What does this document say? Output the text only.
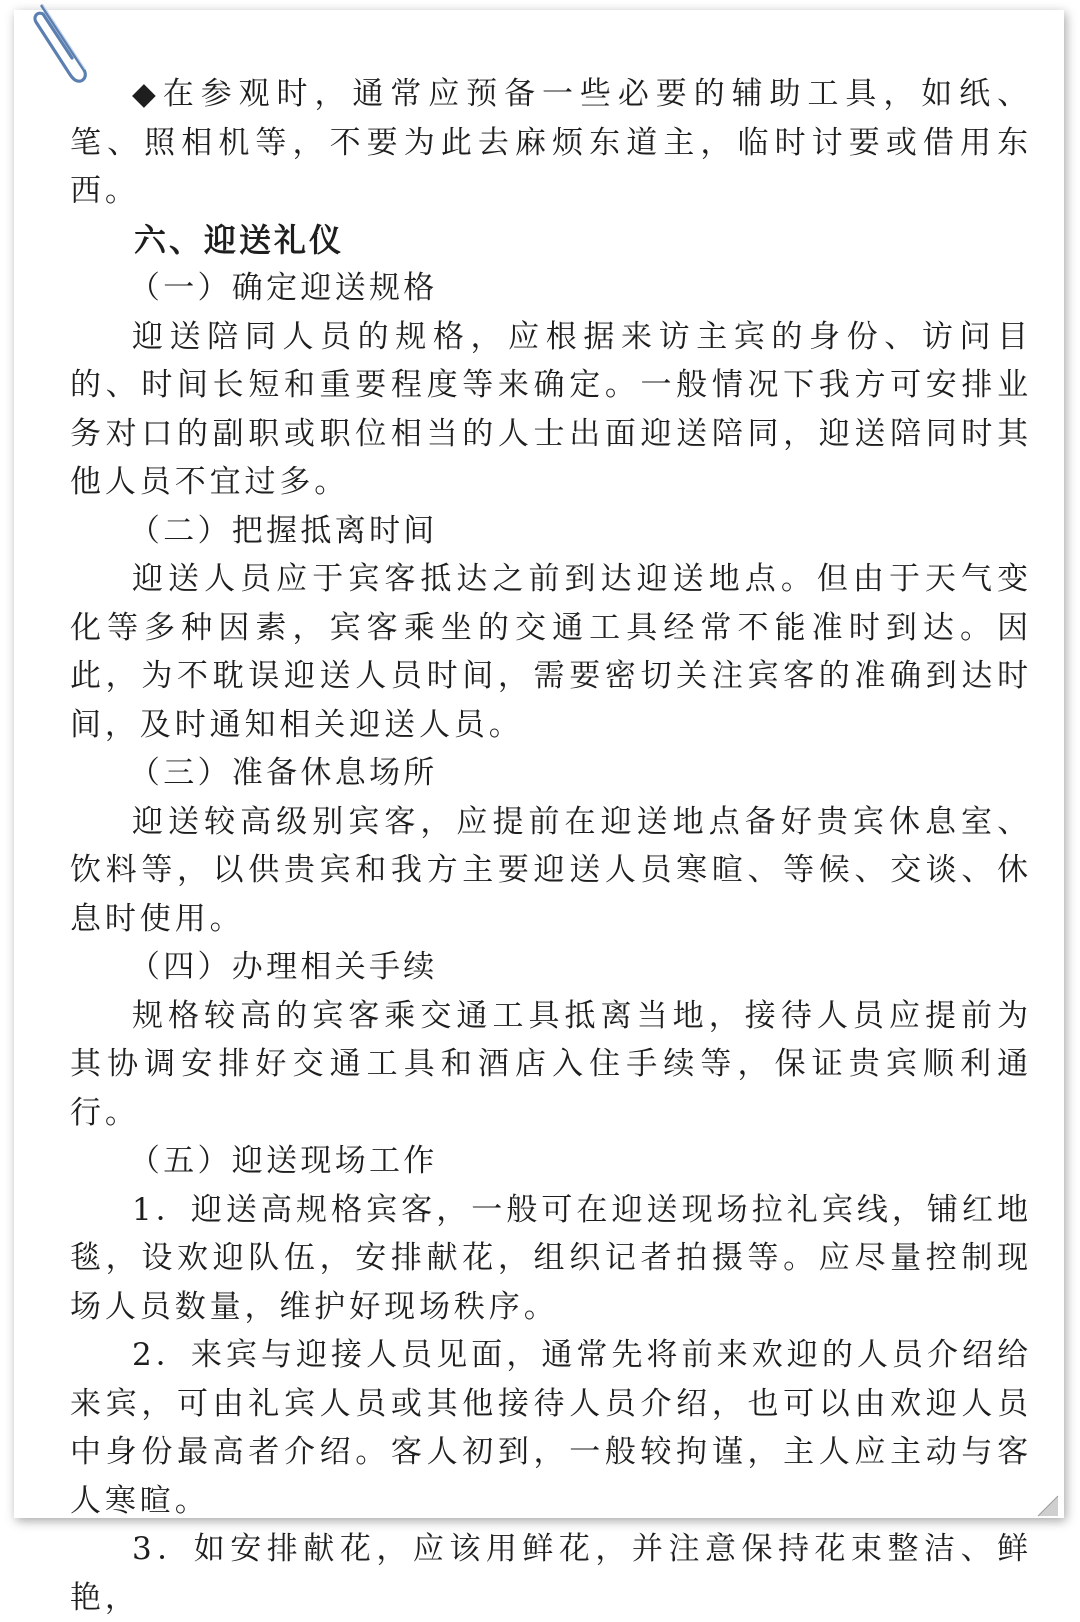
◆在参观时，通常应预备一些必要的辅助工具，如纸、笔、照相机等，不要为此去麻烦东道主，临时讨要或借用东西。

六、迎送礼仪

（一）确定迎送规格

迎送陪同人员的规格，应根据来访主宾的身份、访问目的、时间长短和重要程度等来确定。一般情况下我方可安排业务对口的副职或职位相当的人士出面迎送陪同，迎送陪同时其他人员不宜过多。

（二）把握抵离时间

迎送人员应于宾客抵达之前到达迎送地点。但由于天气变化等多种因素，宾客乘坐的交通工具经常不能准时到达。因此，为不耽误迎送人员时间，需要密切关注宾客的准确到达时间，及时通知相关迎送人员。

（三）准备休息场所

迎送较高级别宾客，应提前在迎送地点备好贵宾休息室、饮料等，以供贵宾和我方主要迎送人员寒暄、等候、交谈、休息时使用。

（四）办理相关手续

规格较高的宾客乘交通工具抵离当地，接待人员应提前为其协调安排好交通工具和酒店入住手续等，保证贵宾顺利通行。

（五）迎送现场工作

1．迎送高规格宾客，一般可在迎送现场拉礼宾线，铺红地毯，设欢迎队伍，安排献花，组织记者拍摄等。应尽量控制现场人员数量，维护好现场秩序。

2．来宾与迎接人员见面，通常先将前来欢迎的人员介绍给来宾，可由礼宾人员或其他接待人员介绍，也可以由欢迎人员中身份最高者介绍。客人初到，一般较拘谨，主人应主动与客人寒暄。

3．如安排献花，应该用鲜花，并注意保持花束整洁、鲜艳，
